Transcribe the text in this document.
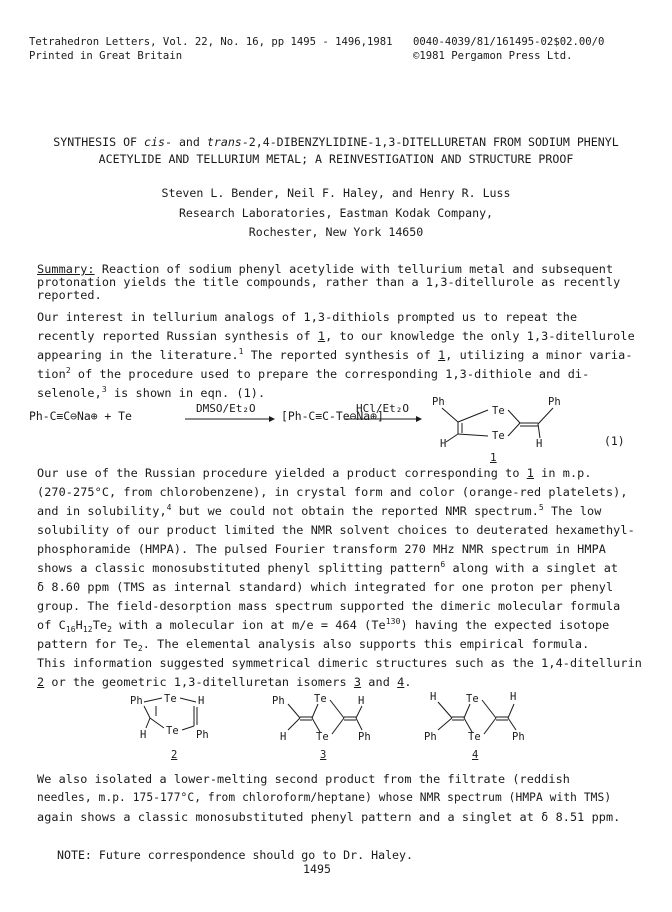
Tetrahedron Letters, Vol. 22, No. 16, pp 1495 - 1496,1981
Printed in Great Britain
0040-4039/81/161495-02$02.00/0
©1981 Pergamon Press Ltd.
SYNTHESIS OF cis- and trans-2,4-DIBENZYLIDINE-1,3-DITELLURETAN FROM SODIUM PHENYL
ACETYLIDE AND TELLURIUM METAL; A REINVESTIGATION AND STRUCTURE PROOF
Steven L. Bender, Neil F. Haley, and Henry R. Luss
Research Laboratories, Eastman Kodak Company,
Rochester, New York 14650
Summary: Reaction of sodium phenyl acetylide with tellurium metal and subsequent
protonation yields the title compounds, rather than a 1,3-ditellurole as recently
reported.
Our interest in tellurium analogs of 1,3-dithiols prompted us to repeat the
recently reported Russian synthesis of 1, to our knowledge the only 1,3-ditellurole
appearing in the literature.$^1$ The reported synthesis of 1, utilizing a minor varia-
tion$^2$ of the procedure used to prepare the corresponding 1,3-dithiole and di-
selenole,$^3$ is shown in eqn. (1).
Ph-C≡C⊖Na⊕ + Te
DMSO/Et₂O
[Ph-C≡C-Te⊖Na⊕]
HCl/Et₂O Ph	Ph
Te
Te
H	H	(1)
1
Our use of the Russian procedure yielded a product corresponding to 1 in m.p.
(270-275°C, from chlorobenzene), in crystal form and color (orange-red platelets),
and in solubility,$^4$ but we could not obtain the reported NMR spectrum.$^5$ The low
solubility of our product limited the NMR solvent choices to deuterated hexamethyl-
phosphoramide (HMPA). The pulsed Fourier transform 270 MHz NMR spectrum in HMPA
shows a classic monosubstituted phenyl splitting pattern$^6$ along with a singlet at
δ 8.60 ppm (TMS as internal standard) which integrated for one proton per phenyl
group. The field-desorption mass spectrum supported the dimeric molecular formula
of $C_{16}H_{12}Te_2$ with a molecular ion at m/e = 464 (Te$^{130}$) having the expected isotope
pattern for $Te_2$. The elemental analysis also supports this empirical formula.
This information suggested symmetrical dimeric structures such as the 1,4-ditellurin
2 or the geometric 1,3-ditelluretan isomers 3 and 4.
Ph Te H
H Te Ph
2
Ph	Te	H
H	Te	Ph
3
H	Te	H
Ph	Te	Ph
4
We also isolated a lower-melting second product from the filtrate (reddish
needles, m.p. 175-177°C, from chloroform/heptane) whose NMR spectrum (HMPA with TMS)
again shows a classic monosubstituted phenyl pattern and a singlet at δ 8.51 ppm.
NOTE: Future correspondence should go to Dr. Haley.
1495
